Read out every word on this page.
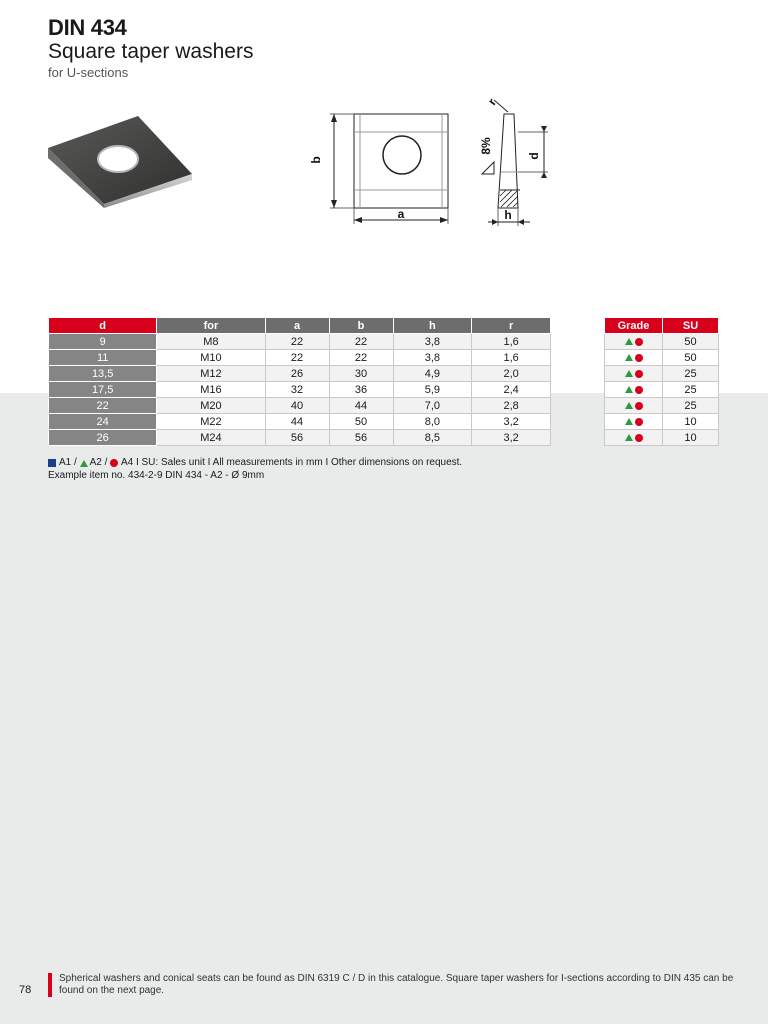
DIN 434
Square taper washers
for U-sections
b
a
d
h
r
8%
d	for	a	b	h	r
9	M8	22	22	3,8	1,6
11	M10	22	22	3,8	1,6
13,5	M12	26	30	4,9	2,0
17,5	M16	32	36	5,9	2,4
22	M20	40	44	7,0	2,8
24	M22	44	50	8,0	3,2
26	M24	56	56	8,5	3,2
Grade	SU
	50
	50
	25
	25
	25
	10
	10
A1 / A2 / A4 I SU: Sales unit I All measurements in mm I Other dimensions on request.
Example item no. 434-2-9 DIN 434 - A2 - Ø 9mm
Spherical washers and conical seats can be found as DIN 6319 C / D in this catalogue. Square taper washers for I-sections according to DIN 435 can be found on the next page.
78
